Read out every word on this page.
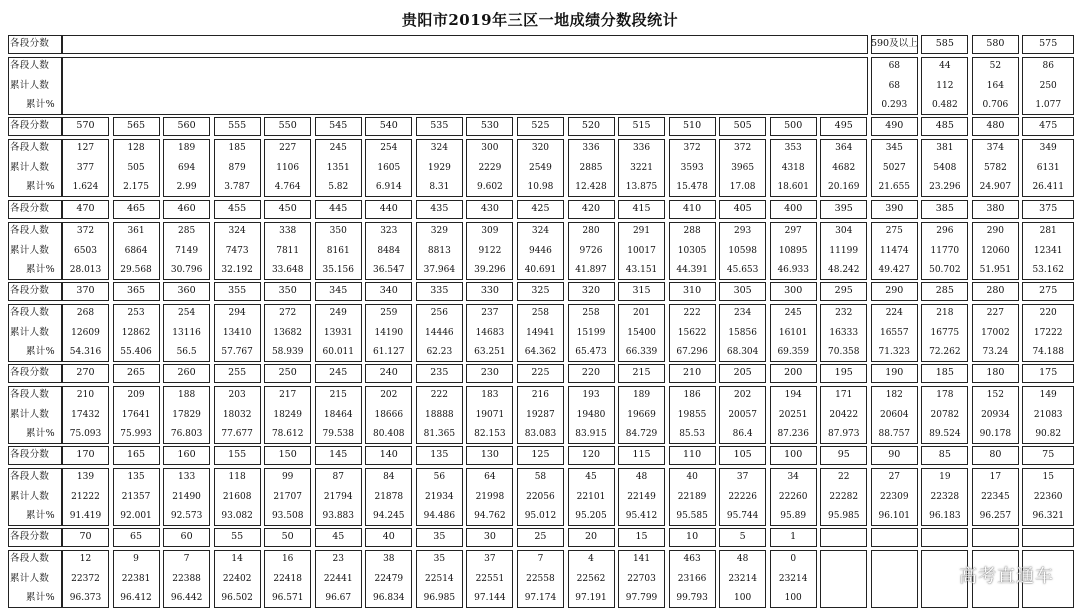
贵阳市2019年三区一地成绩分数段统计
各段分数
各段人数
累计人数
累计%
590及以上
68
68
0.293
585
44
112
0.482
580
52
164
0.706
575
86
250
1.077
各段分数
各段人数
累计人数
累计%
570
127
377
1.624
565
128
505
2.175
560
189
694
2.99
555
185
879
3.787
550
227
1106
4.764
545
245
1351
5.82
540
254
1605
6.914
535
324
1929
8.31
530
300
2229
9.602
525
320
2549
10.98
520
336
2885
12.428
515
336
3221
13.875
510
372
3593
15.478
505
372
3965
17.08
500
353
4318
18.601
495
364
4682
20.169
490
345
5027
21.655
485
381
5408
23.296
480
374
5782
24.907
475
349
6131
26.411
各段分数
各段人数
累计人数
累计%
470
372
6503
28.013
465
361
6864
29.568
460
285
7149
30.796
455
324
7473
32.192
450
338
7811
33.648
445
350
8161
35.156
440
323
8484
36.547
435
329
8813
37.964
430
309
9122
39.296
425
324
9446
40.691
420
280
9726
41.897
415
291
10017
43.151
410
288
10305
44.391
405
293
10598
45.653
400
297
10895
46.933
395
304
11199
48.242
390
275
11474
49.427
385
296
11770
50.702
380
290
12060
51.951
375
281
12341
53.162
各段分数
各段人数
累计人数
累计%
370
268
12609
54.316
365
253
12862
55.406
360
254
13116
56.5
355
294
13410
57.767
350
272
13682
58.939
345
249
13931
60.011
340
259
14190
61.127
335
256
14446
62.23
330
237
14683
63.251
325
258
14941
64.362
320
258
15199
65.473
315
201
15400
66.339
310
222
15622
67.296
305
234
15856
68.304
300
245
16101
69.359
295
232
16333
70.358
290
224
16557
71.323
285
218
16775
72.262
280
227
17002
73.24
275
220
17222
74.188
各段分数
各段人数
累计人数
累计%
270
210
17432
75.093
265
209
17641
75.993
260
188
17829
76.803
255
203
18032
77.677
250
217
18249
78.612
245
215
18464
79.538
240
202
18666
80.408
235
222
18888
81.365
230
183
19071
82.153
225
216
19287
83.083
220
193
19480
83.915
215
189
19669
84.729
210
186
19855
85.53
205
202
20057
86.4
200
194
20251
87.236
195
171
20422
87.973
190
182
20604
88.757
185
178
20782
89.524
180
152
20934
90.178
175
149
21083
90.82
各段分数
各段人数
累计人数
累计%
170
139
21222
91.419
165
135
21357
92.001
160
133
21490
92.573
155
118
21608
93.082
150
99
21707
93.508
145
87
21794
93.883
140
84
21878
94.245
135
56
21934
94.486
130
64
21998
94.762
125
58
22056
95.012
120
45
22101
95.205
115
48
22149
95.412
110
40
22189
95.585
105
37
22226
95.744
100
34
22260
95.89
95
22
22282
95.985
90
27
22309
96.101
85
19
22328
96.183
80
17
22345
96.257
75
15
22360
96.321
各段分数
各段人数
累计人数
累计%
70
12
22372
96.373
65
9
22381
96.412
60
7
22388
96.442
55
14
22402
96.502
50
16
22418
96.571
45
23
22441
96.67
40
38
22479
96.834
35
35
22514
96.985
30
37
22551
97.144
25
7
22558
97.174
20
4
22562
97.191
15
141
22703
97.799
10
463
23166
99.793
5
48
23214
100
1
0
23214
100
高考直通车
